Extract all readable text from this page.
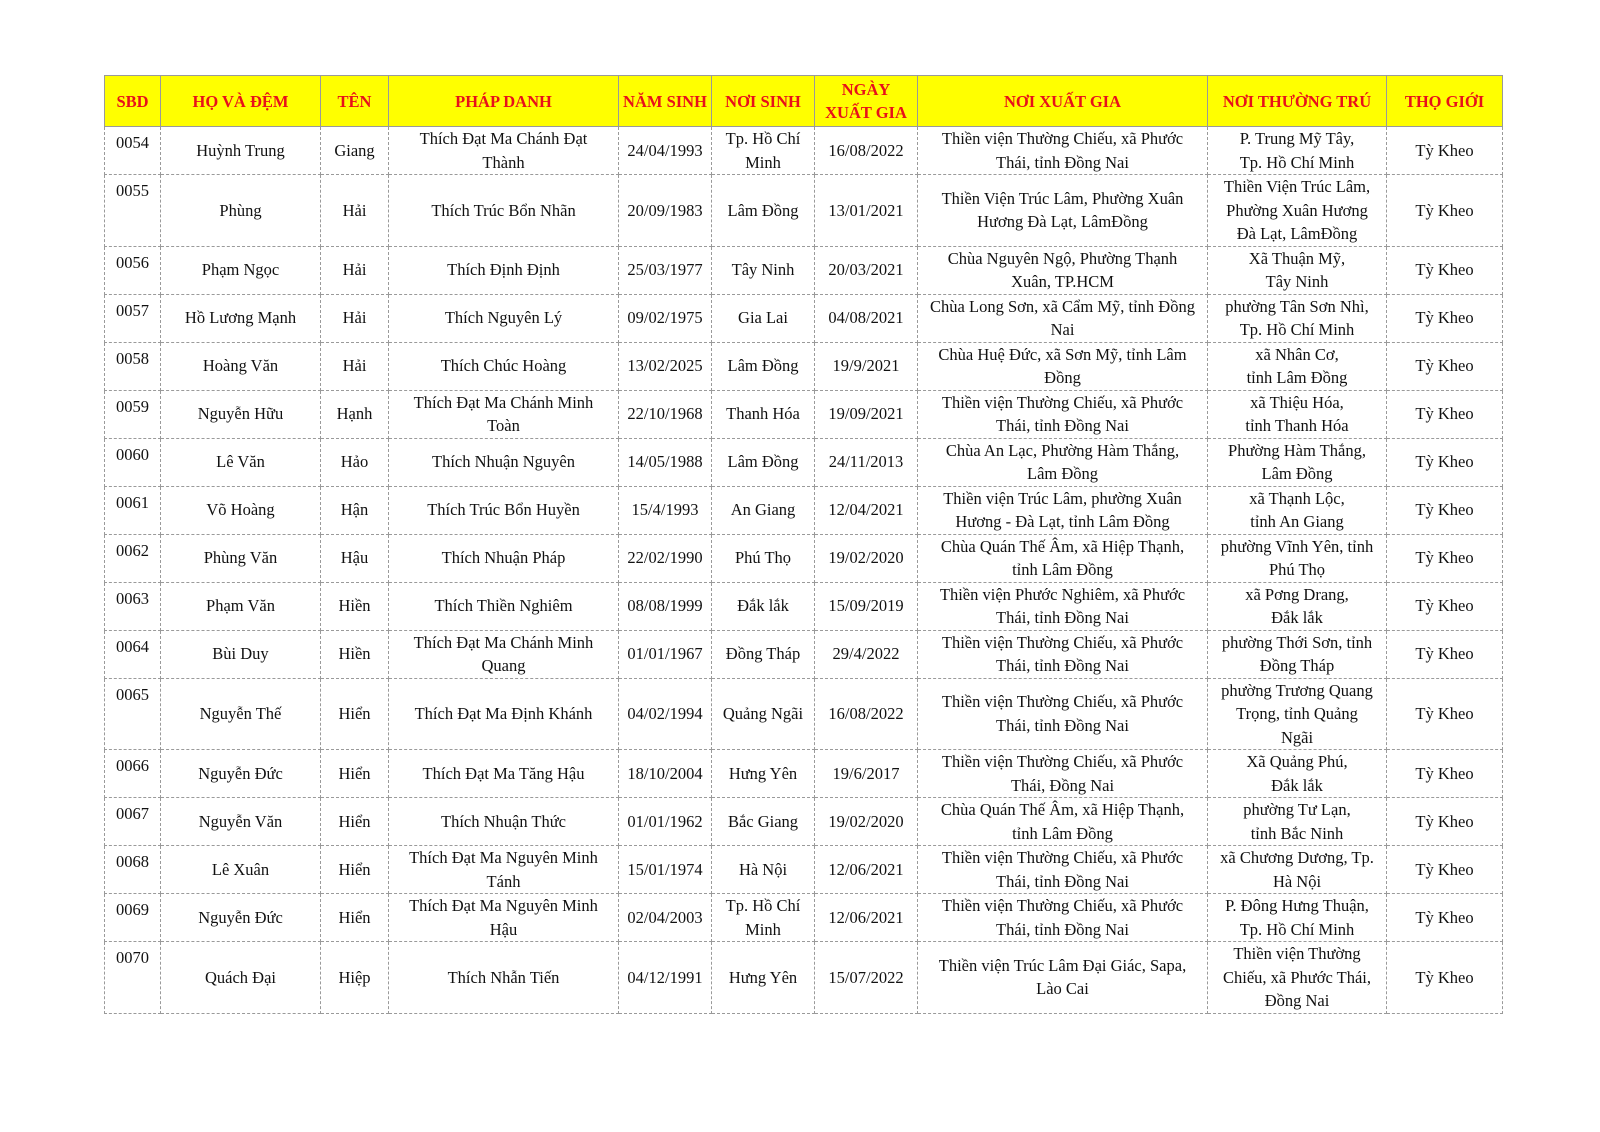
SBD	HỌ VÀ ĐỆM	TÊN	PHÁP DANH	NĂM SINH	NƠI SINH	NGÀY XUẤT GIA	NƠI XUẤT GIA	NƠI THƯỜNG TRÚ	THỌ GIỚI
0054	Huỳnh Trung	Giang	Thích Đạt Ma Chánh Đạt
Thành	24/04/1993	Tp. Hồ Chí
Minh	16/08/2022	Thiền viện Thường Chiếu, xã Phước
Thái, tỉnh Đồng Nai	P. Trung Mỹ Tây,
Tp. Hồ Chí Minh	Tỳ Kheo
0055	Phùng	Hải	Thích Trúc Bổn Nhãn	20/09/1983	Lâm Đồng	13/01/2021	Thiền Viện Trúc Lâm, Phường Xuân
Hương Đà Lạt, LâmĐồng	Thiền Viện Trúc Lâm,
Phường Xuân Hương
Đà Lạt, LâmĐồng	Tỳ Kheo
0056	Phạm Ngọc	Hải	Thích Định Định	25/03/1977	Tây Ninh	20/03/2021	Chùa Nguyên Ngộ, Phường Thạnh
Xuân, TP.HCM	Xã Thuận Mỹ,
Tây Ninh	Tỳ Kheo
0057	Hồ Lương Mạnh	Hải	Thích Nguyên Lý	09/02/1975	Gia Lai	04/08/2021	Chùa Long Sơn, xã Cẩm Mỹ, tỉnh Đồng
Nai	phường Tân Sơn Nhì,
Tp. Hồ Chí Minh	Tỳ Kheo
0058	Hoàng Văn	Hải	Thích Chúc Hoàng	13/02/2025	Lâm Đồng	19/9/2021	Chùa Huệ Đức, xã Sơn Mỹ, tỉnh Lâm
Đồng	xã Nhân Cơ,
tỉnh Lâm Đồng	Tỳ Kheo
0059	Nguyễn Hữu	Hạnh	Thích Đạt Ma Chánh Minh
Toàn	22/10/1968	Thanh Hóa	19/09/2021	Thiền viện Thường Chiếu, xã Phước
Thái, tỉnh Đồng Nai	xã Thiệu Hóa,
tỉnh Thanh Hóa	Tỳ Kheo
0060	Lê Văn	Hảo	Thích Nhuận Nguyên	14/05/1988	Lâm Đồng	24/11/2013	Chùa An Lạc, Phường Hàm Thắng,
Lâm Đồng	Phường Hàm Thắng,
Lâm Đồng	Tỳ Kheo
0061	Võ Hoàng	Hận	Thích Trúc Bổn Huyền	15/4/1993	An Giang	12/04/2021	Thiền viện Trúc Lâm, phường Xuân
Hương - Đà Lạt, tỉnh Lâm Đồng	xã Thạnh Lộc,
tỉnh An Giang	Tỳ Kheo
0062	Phùng Văn	Hậu	Thích Nhuận Pháp	22/02/1990	Phú Thọ	19/02/2020	Chùa Quán Thế Âm, xã Hiệp Thạnh,
tỉnh Lâm Đồng	phường Vĩnh Yên, tỉnh
Phú Thọ	Tỳ Kheo
0063	Phạm Văn	Hiền	Thích Thiền Nghiêm	08/08/1999	Đắk lắk	15/09/2019	Thiền viện Phước Nghiêm, xã Phước
Thái, tỉnh Đồng Nai	xã Pơng Drang,
Đắk lắk	Tỳ Kheo
0064	Bùi Duy	Hiền	Thích Đạt Ma Chánh Minh
Quang	01/01/1967	Đồng Tháp	29/4/2022	Thiền viện Thường Chiếu, xã Phước
Thái, tỉnh Đồng Nai	phường Thới Sơn, tỉnh
Đồng Tháp	Tỳ Kheo
0065	Nguyễn Thế	Hiển	Thích Đạt Ma Định Khánh	04/02/1994	Quảng Ngãi	16/08/2022	Thiền viện Thường Chiếu, xã Phước
Thái, tỉnh Đồng Nai	phường Trương Quang
Trọng, tỉnh Quảng
Ngãi	Tỳ Kheo
0066	Nguyễn Đức	Hiển	Thích Đạt Ma Tăng Hậu	18/10/2004	Hưng Yên	19/6/2017	Thiền viện Thường Chiếu, xã Phước
Thái, Đồng Nai	Xã Quảng Phú,
Đắk lắk	Tỳ Kheo
0067	Nguyễn Văn	Hiển	Thích Nhuận Thức	01/01/1962	Bắc Giang	19/02/2020	Chùa Quán Thế Âm, xã Hiệp Thạnh,
tỉnh Lâm Đồng	phường Tư Lạn,
tỉnh Bắc Ninh	Tỳ Kheo
0068	Lê Xuân	Hiển	Thích Đạt Ma Nguyên Minh
Tánh	15/01/1974	Hà Nội	12/06/2021	Thiền viện Thường Chiếu, xã Phước
Thái, tỉnh Đồng Nai	xã Chương Dương, Tp.
Hà Nội	Tỳ Kheo
0069	Nguyễn Đức	Hiển	Thích Đạt Ma Nguyên Minh
Hậu	02/04/2003	Tp. Hồ Chí
Minh	12/06/2021	Thiền viện Thường Chiếu, xã Phước
Thái, tỉnh Đồng Nai	P. Đông Hưng Thuận,
Tp. Hồ Chí Minh	Tỳ Kheo
0070	Quách Đại	Hiệp	Thích Nhẫn Tiến	04/12/1991	Hưng Yên	15/07/2022	Thiền viện Trúc Lâm Đại Giác, Sapa,
Lào Cai	Thiền viện Thường
Chiếu, xã Phước Thái,
Đồng Nai	Tỳ Kheo
